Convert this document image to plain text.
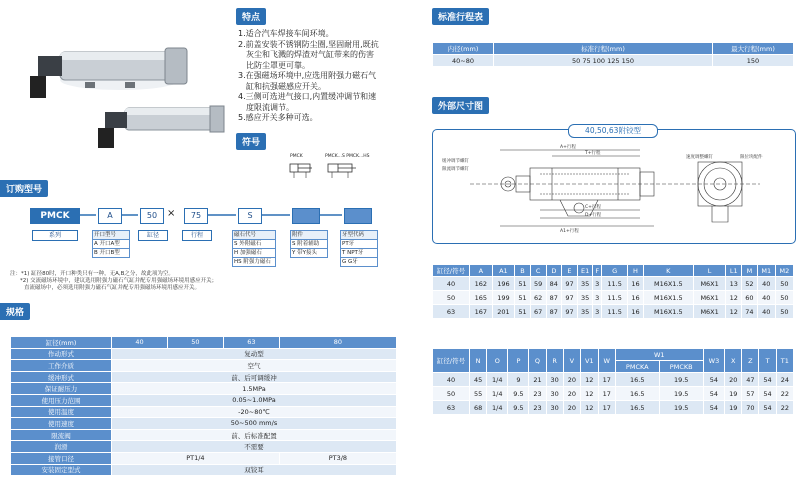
特点
1.适合汽车焊接车间环境。
2.前盖安装不锈钢防尘圈,坚固耐用,既抗
灰尘和飞溅的焊渣对气缸带来的伤害
比防尘罩更可靠。
3.在强磁场环境中,应选用附强力磁石气
缸和抗强磁感应开关。
4.三侧可选进气接口,内置缓冲调节和速
度限流调节。
5.感应开关多种可选。
符号
PMCK	PMCK...S PMCK...HS
订购型号
PMCK	A	50 ×	75	S
系列	开口型号
A 开口A型
B 开口B型
缸径	行程	磁石代号
S 外附磁石
H 加强磁石
HS 附强力磁石
附件
S 附着辅助
Y 带Y接头
牙型代码
PT牙
T NPT牙
G G牙
注：*1) 缸径80时，开口种类只有一种，无A,B之分，故此项为空。
*2) 交流磁场环境中，建议选用附强力磁石气缸并配专用强磁场环境用感应开关；
直流磁场中，必须选用附强力磁石气缸并配专用强磁场环境用感应开关。
规格
缸径(mm)	40	50	63	80
作动形式	复动型			
工作介质	空气			
缓冲形式	前、后可调缓冲			
保证耐压力	1.5MPa			
使用压力范围	0.05~1.0MPa			
使用温度	-20~80℃			
使用速度	50~500 mm/s			
限流阀	前、后标准配置			
润滑	不需要			
接管口径	PT1/4			PT3/8
安装固定型式	双铰耳			
标准行程表
内径(mm)	标准行程(mm)	最大行程(mm)
40~80	50 75 100 125 150	150
外部尺寸图
40,50,63附铰型
A+行程
T+行程
C+行程
D+行程
A1+行程
缓冲调节螺钉
限流调节螺钉
速度调整螺钉	限位块配件
缸径/符号	A	A1	B	C	D	E	E1	F	G	H	K	L	L1	M	M1	M2
40	162	196	51	59	84	97	35	3	11.5	16	M16X1.5	M6X1	13	52	40	50
50	165	199	51	62	87	97	35	3	11.5	16	M16X1.5	M6X1	12	60	40	50
63	167	201	51	67	87	97	35	3	11.5	16	M16X1.5	M6X1	12	74	40	50
缸径/符号	N	O	P	Q	R	V	V1	W	W1		W3	X	Z	T	T1
									PMCKA	PMCKB					
40	45	1/4	9	21	30	20	12	17	16.5	19.5	54	20	47	54	24
50	55	1/4	9.5	23	30	20	12	17	16.5	19.5	54	19	57	54	22
63	68	1/4	9.5	23	30	20	12	17	16.5	19.5	54	19	70	54	22
